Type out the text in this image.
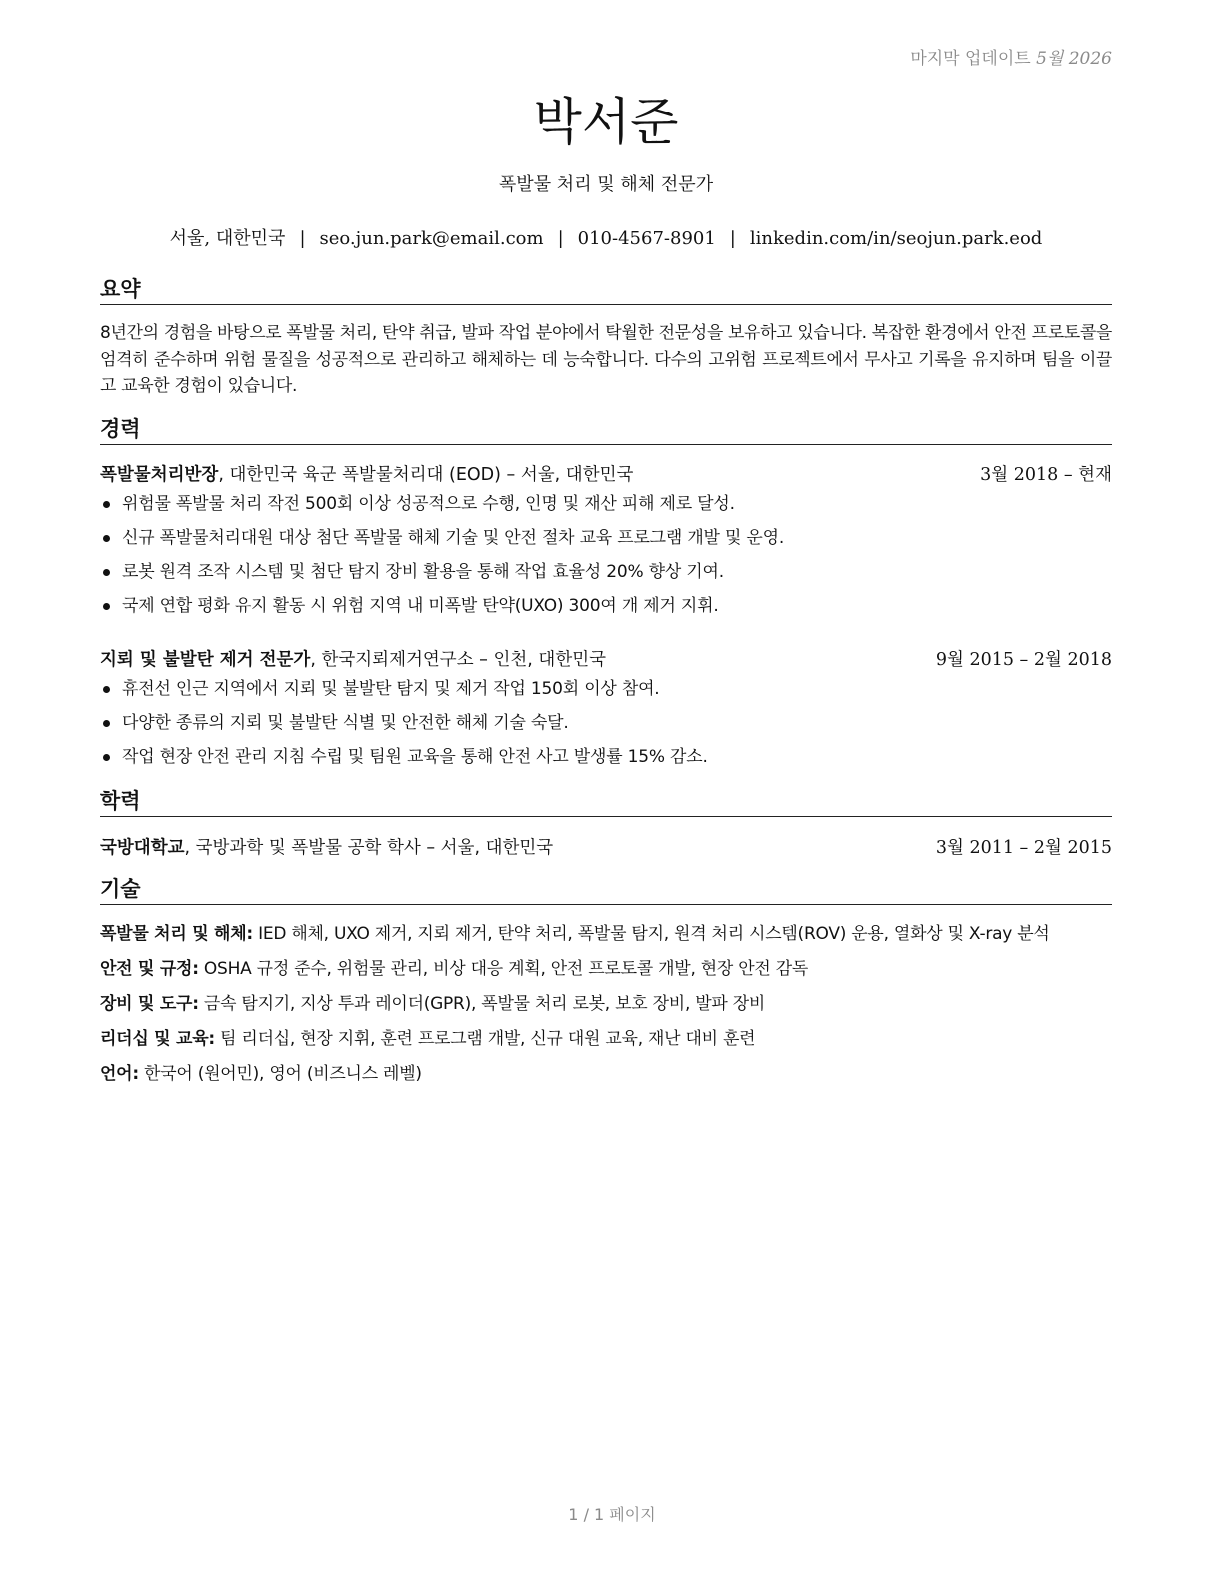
마지막 업데이트 5월 2026
박서준
폭발물 처리 및 해체 전문가
서울, 대한민국 | seo.jun.park@email.com | 010-4567-8901 | linkedin.com/in/seojun.park.eod
요약
8년간의 경험을 바탕으로 폭발물 처리, 탄약 취급, 발파 작업 분야에서 탁월한 전문성을 보유하고 있습니다. 복잡한 환경에서 안전 프로토콜을 엄격히 준수하며 위험 물질을 성공적으로 관리하고 해체하는 데 능숙합니다. 다수의 고위험 프로젝트에서 무사고 기록을 유지하며 팀을 이끌고 교육한 경험이 있습니다.
경력
폭발물처리반장, 대한민국 육군 폭발물처리대 (EOD) – 서울, 대한민국	3월 2018 – 현재
위험물 폭발물 처리 작전 500회 이상 성공적으로 수행, 인명 및 재산 피해 제로 달성.
신규 폭발물처리대원 대상 첨단 폭발물 해체 기술 및 안전 절차 교육 프로그램 개발 및 운영.
로봇 원격 조작 시스템 및 첨단 탐지 장비 활용을 통해 작업 효율성 20% 향상 기여.
국제 연합 평화 유지 활동 시 위험 지역 내 미폭발 탄약(UXO) 300여 개 제거 지휘.
지뢰 및 불발탄 제거 전문가, 한국지뢰제거연구소 – 인천, 대한민국	9월 2015 – 2월 2018
휴전선 인근 지역에서 지뢰 및 불발탄 탐지 및 제거 작업 150회 이상 참여.
다양한 종류의 지뢰 및 불발탄 식별 및 안전한 해체 기술 숙달.
작업 현장 안전 관리 지침 수립 및 팀원 교육을 통해 안전 사고 발생률 15% 감소.
학력
국방대학교, 국방과학 및 폭발물 공학 학사 – 서울, 대한민국	3월 2011 – 2월 2015
기술
폭발물 처리 및 해체: IED 해체, UXO 제거, 지뢰 제거, 탄약 처리, 폭발물 탐지, 원격 처리 시스템(ROV) 운용, 열화상 및 X-ray 분석
안전 및 규정: OSHA 규정 준수, 위험물 관리, 비상 대응 계획, 안전 프로토콜 개발, 현장 안전 감독
장비 및 도구: 금속 탐지기, 지상 투과 레이더(GPR), 폭발물 처리 로봇, 보호 장비, 발파 장비
리더십 및 교육: 팀 리더십, 현장 지휘, 훈련 프로그램 개발, 신규 대원 교육, 재난 대비 훈련
언어: 한국어 (원어민), 영어 (비즈니스 레벨)
1 / 1 페이지
